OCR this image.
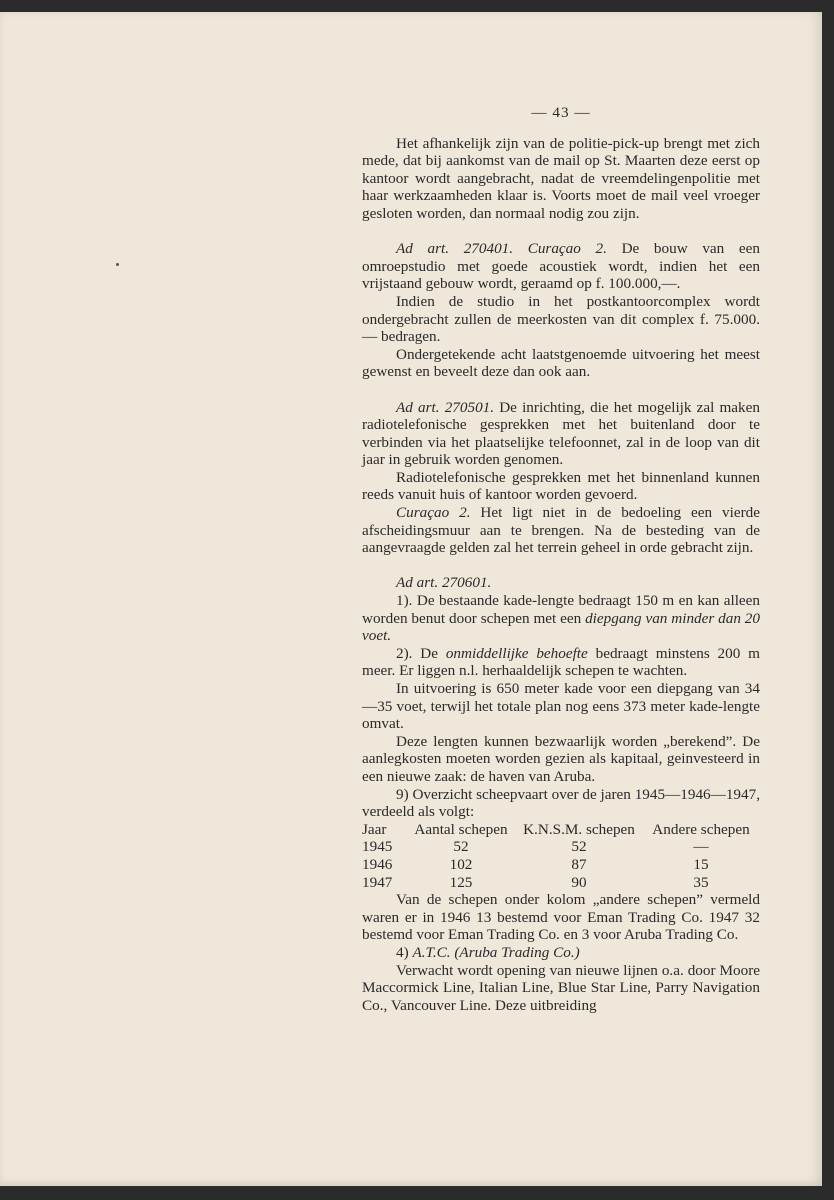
— 43 —

Het afhankelijk zijn van de politie-pick-up brengt met zich mede, dat bij aankomst van de mail op St. Maarten deze eerst op kantoor wordt aangebracht, nadat de vreemdelingenpolitie met haar werkzaamheden klaar is. Voorts moet de mail veel vroeger gesloten worden, dan normaal nodig zou zijn.

Ad art. 270401. Curaçao 2. De bouw van een omroepstudio met goede acoustiek wordt, indien het een vrijstaand gebouw wordt, geraamd op f. 100.000,—.

Indien de studio in het postkantoorcomplex wordt ondergebracht zullen de meerkosten van dit complex f. 75.000.— bedragen.

Ondergetekende acht laatstgenoemde uitvoering het meest gewenst en beveelt deze dan ook aan.

Ad art. 270501. De inrichting, die het mogelijk zal maken radiotelefonische gesprekken met het buitenland door te verbinden via het plaatselijke telefoonnet, zal in de loop van dit jaar in gebruik worden genomen.

Radiotelefonische gesprekken met het binnenland kunnen reeds vanuit huis of kantoor worden gevoerd.

Curaçao 2. Het ligt niet in de bedoeling een vierde afscheidingsmuur aan te brengen. Na de besteding van de aangevraagde gelden zal het terrein geheel in orde gebracht zijn.

Ad art. 270601.

1). De bestaande kade-lengte bedraagt 150 m en kan alleen worden benut door schepen met een diepgang van minder dan 20 voet.

2). De onmiddellijke behoefte bedraagt minstens 200 m meer. Er liggen n.l. herhaaldelijk schepen te wachten.

In uitvoering is 650 meter kade voor een diepgang van 34—35 voet, terwijl het totale plan nog eens 373 meter kade-lengte omvat.

Deze lengten kunnen bezwaarlijk worden „berekend”. De aanlegkosten moeten worden gezien als kapitaal, geinvesteerd in een nieuwe zaak: de haven van Aruba.

9) Overzicht scheepvaart over de jaren 1945—1946—1947, verdeeld als volgt:

Jaar	Aantal schepen	K.N.S.M. schepen	Andere schepen
1945	52	52	—
1946	102	87	15
1947	125	90	35

Van de schepen onder kolom „andere schepen” vermeld waren er in 1946 13 bestemd voor Eman Trading Co. 1947 32 bestemd voor Eman Trading Co. en 3 voor Aruba Trading Co.

4) A.T.C. (Aruba Trading Co.)

Verwacht wordt opening van nieuwe lijnen o.a. door Moore Maccormick Line, Italian Line, Blue Star Line, Parry Navigation Co., Vancouver Line. Deze uitbreiding
